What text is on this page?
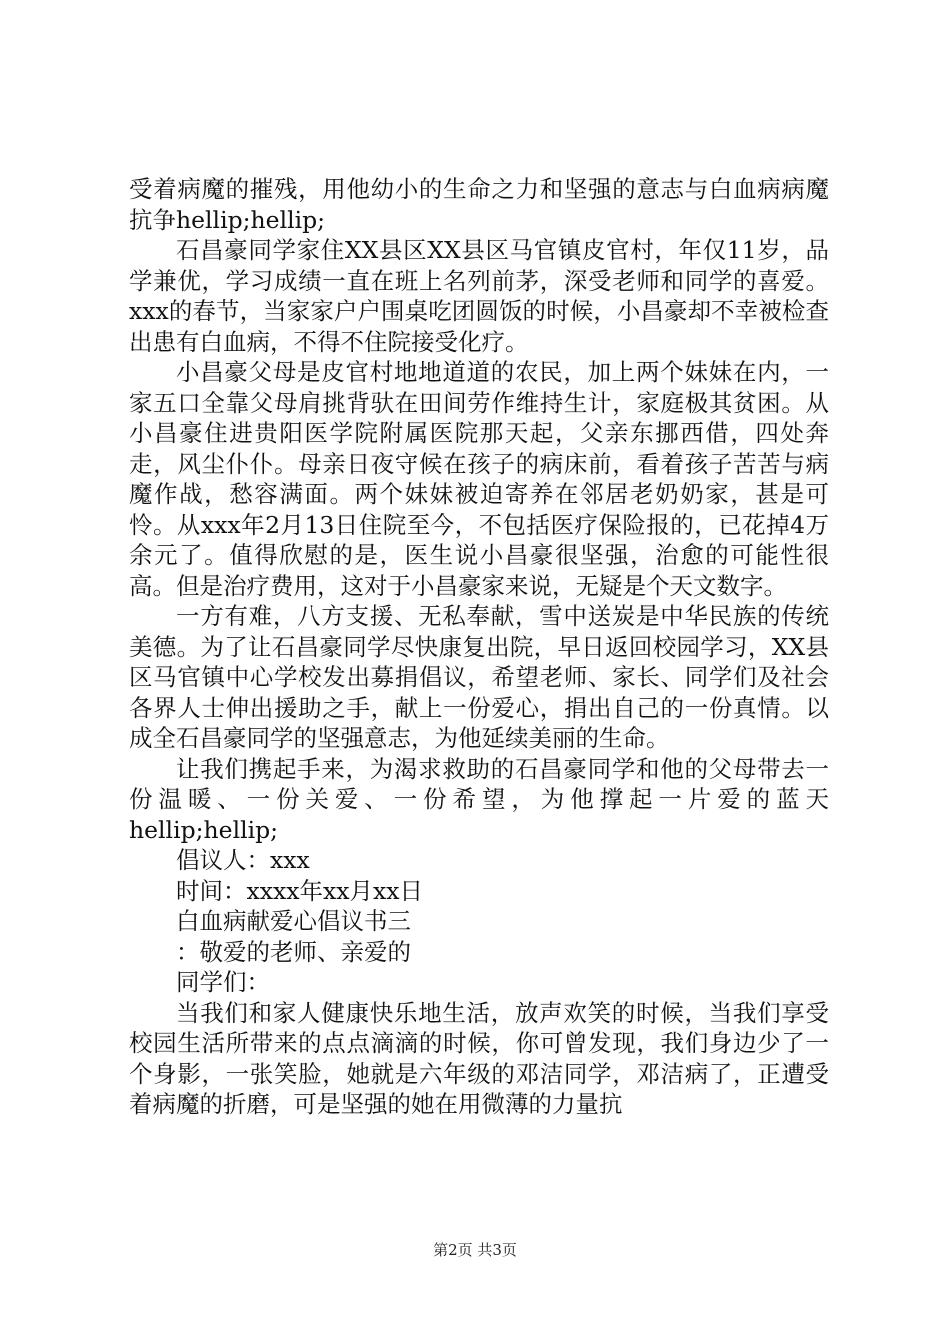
受着病魔的摧残，用他幼小的生命之力和坚强的意志与白血病病魔抗争hellip;hellip;

石昌豪同学家住XX县区XX县区马官镇皮官村，年仅11岁，品学兼优，学习成绩一直在班上名列前茅，深受老师和同学的喜爱。xxx的春节，当家家户户围桌吃团圆饭的时候，小昌豪却不幸被检查出患有白血病，不得不住院接受化疗。

小昌豪父母是皮官村地地道道的农民，加上两个妹妹在内，一家五口全靠父母肩挑背驮在田间劳作维持生计，家庭极其贫困。从小昌豪住进贵阳医学院附属医院那天起，父亲东挪西借，四处奔走，风尘仆仆。母亲日夜守候在孩子的病床前，看着孩子苦苦与病魔作战，愁容满面。两个妹妹被迫寄养在邻居老奶奶家，甚是可怜。从xxx年2月13日住院至今，不包括医疗保险报的，已花掉4万余元了。值得欣慰的是，医生说小昌豪很坚强，治愈的可能性很高。但是治疗费用，这对于小昌豪家来说，无疑是个天文数字。

一方有难，八方支援、无私奉献，雪中送炭是中华民族的传统美德。为了让石昌豪同学尽快康复出院，早日返回校园学习，XX县区马官镇中心学校发出募捐倡议，希望老师、家长、同学们及社会各界人士伸出援助之手，献上一份爱心，捐出自己的一份真情。以成全石昌豪同学的坚强意志，为他延续美丽的生命。

让我们携起手来，为渴求救助的石昌豪同学和他的父母带去一份温暖、一份关爱、一份希望，为他撑起一片爱的蓝天hellip;hellip;

倡议人：xxx

时间：xxxx年xx月xx日

白血病献爱心倡议书三

：敬爱的老师、亲爱的

同学们：

当我们和家人健康快乐地生活，放声欢笑的时候，当我们享受校园生活所带来的点点滴滴的时候，你可曾发现，我们身边少了一个身影，一张笑脸，她就是六年级的邓洁同学，邓洁病了，正遭受着病魔的折磨，可是坚强的她在用微薄的力量抗

第2页 共3页
